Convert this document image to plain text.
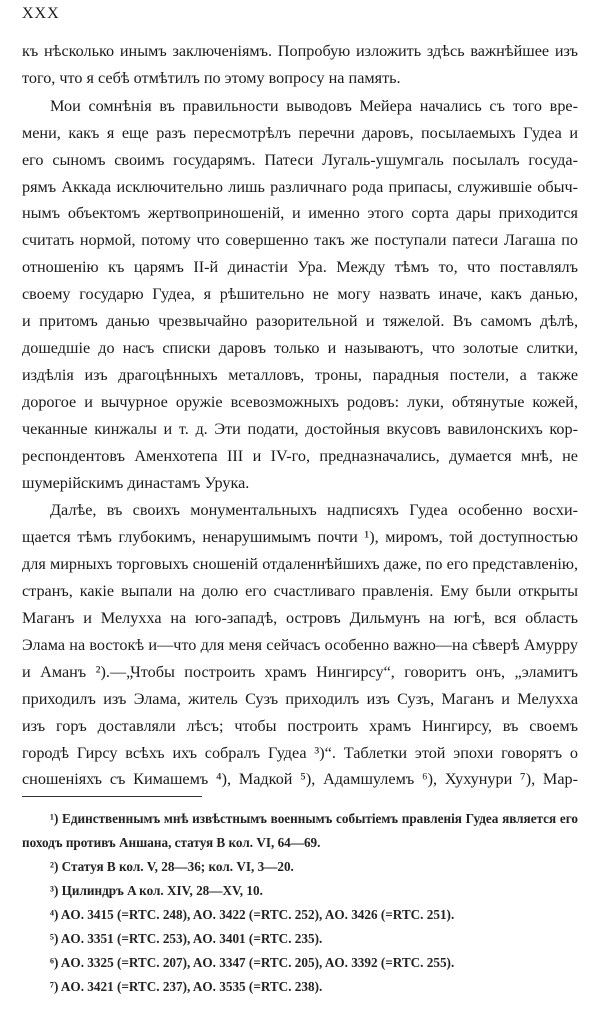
XXX
къ нѣсколько инымъ заключеніямъ. Попробую изложить здѣсь важнѣйшее изъ
того, что я себѣ отмѣтилъ по этому вопросу на память.
Мои сомнѣнія въ правильности выводовъ Мейера начались съ того вре-
мени, какъ я еще разъ пересмотрѣлъ перечни даровъ, посылаемыхъ Гудеа и
его сыномъ своимъ государямъ. Патеси Лугаль-ушумгаль посылалъ госуда-
рямъ Аккада исключительно лишь различнаго рода припасы, служившіе обыч-
нымъ объектомъ жертвоприношеній, и именно этого сорта дары приходится
считать нормой, потому что совершенно такъ же поступали патеси Лагаша по
отношенію къ царямъ II-й династіи Ура. Между тѣмъ то, что поставлялъ
своему государю Гудеа, я рѣшительно не могу назвать иначе, какъ данью,
и притомъ данью чрезвычайно разорительной и тяжелой. Въ самомъ дѣлѣ,
дошедшіе до насъ списки даровъ только и называютъ, что золотые слитки,
издѣлія изъ драгоцѣнныхъ металловъ, троны, парадныя постели, а также
дорогое и вычурное оружіе всевозможныхъ родовъ: луки, обтянутые кожей,
чеканные кинжалы и т. д. Эти подати, достойныя вкусовъ вавилонскихъ кор-
респондентовъ Аменхотепа III и IV-го, предназначались, думается мнѣ, не
шумерійскимъ династамъ Урука.
Далѣе, въ своихъ монументальныхъ надписяхъ Гудеа особенно восхи-
щается тѣмъ глубокимъ, ненарушимымъ почти ¹), миромъ, той доступностью
для мирныхъ торговыхъ сношеній отдаленнѣйшихъ даже, по его представленію,
странъ, какіе выпали на долю его счастливаго правленія. Ему были открыты
Маганъ и Мелухха на юго-западѣ, островъ Дильмунъ на югѣ, вся область
Элама на востокѣ и—что для меня сейчасъ особенно важно—на сѣверѣ Амурру
и Аманъ ²).—„Чтобы построить храмъ Нингирсу“, говоритъ онъ, „эламитъ
приходилъ изъ Элама, житель Сузъ приходилъ изъ Сузъ, Маганъ и Мелухха
изъ горъ доставляли лѣсъ; чтобы построить храмъ Нингирсу, въ своемъ
городѣ Гирсу всѣхъ ихъ собралъ Гудеа ³)“. Таблетки этой эпохи говорятъ о
сношеніяхъ съ Кимашемъ ⁴), Мадкой ⁵), Адамшулемъ ⁶), Хухунури ⁷), Мар-
¹) Единственнымъ мнѣ извѣстнымъ военнымъ событіемъ правленія Гудеа является его
походъ противъ Аншана, статуя B кол. VI, 64—69.
²) Статуя B кол. V, 28—36; кол. VI, 3—20.
³) Цилиндръ A кол. XIV, 28—XV, 10.
⁴) AO. 3415 (=RTC. 248), AO. 3422 (=RTC. 252), AO. 3426 (=RTC. 251).
⁵) AO. 3351 (=RTC. 253), AO. 3401 (=RTC. 235).
⁶) AO. 3325 (=RTC. 207), AO. 3347 (=RTC. 205), AO. 3392 (=RTC. 255).
⁷) AO. 3421 (=RTC. 237), AO. 3535 (=RTC. 238).
